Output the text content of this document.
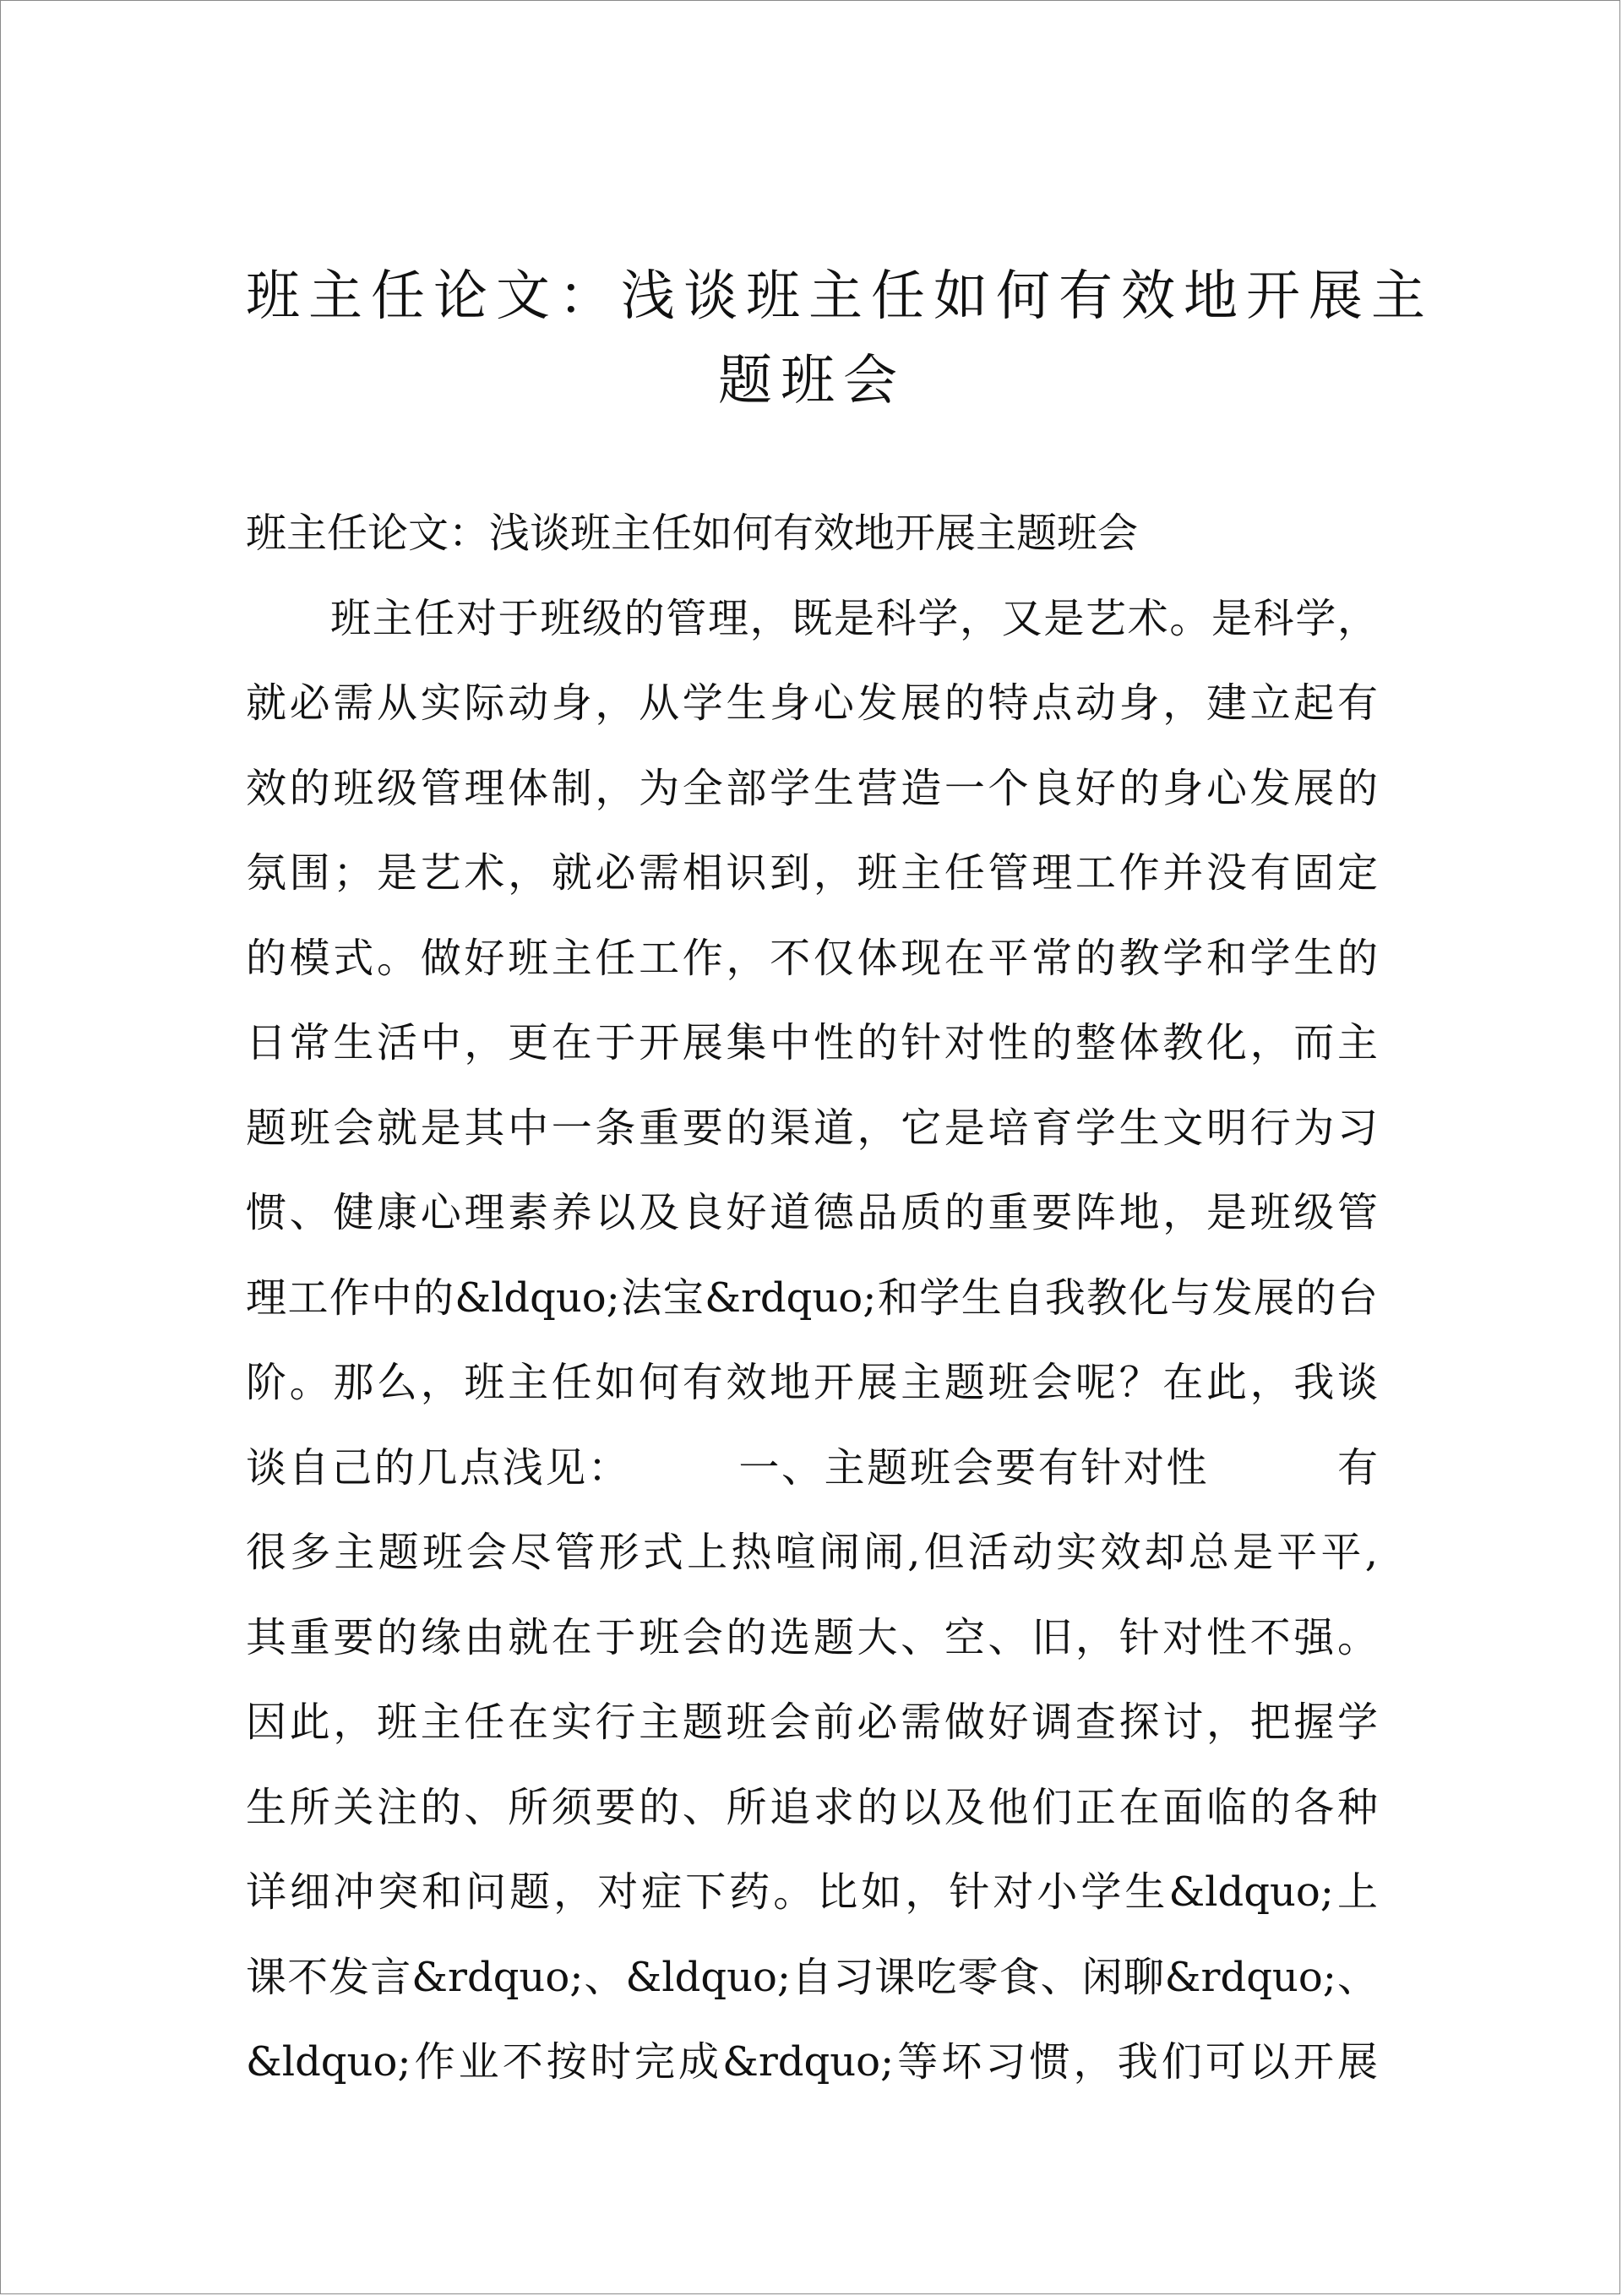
班主任论文：浅谈班主任如何有效地开展主
题班会
班主任论文：浅谈班主任如何有效地开展主题班会
班主任对于班级的管理，既是科学，又是艺术。是科学，
就必需从实际动身，从学生身心发展的特点动身，建立起有
效的班级管理体制，为全部学生营造一个良好的身心发展的
氛围；是艺术，就必需相识到，班主任管理工作并没有固定
的模式。做好班主任工作，不仅体现在平常的教学和学生的
日常生活中，更在于开展集中性的针对性的整体教化，而主
题班会就是其中一条重要的渠道，它是培育学生文明行为习
惯、健康心理素养以及良好道德品质的重要阵地，是班级管
理工作中的&ldquo;法宝&rdquo;和学生自我教化与发展的台
阶。那么，班主任如何有效地开展主题班会呢？在此，我谈
谈自己的几点浅见：　　　一、主题班会要有针对性　　　有
很多主题班会尽管形式上热喧闹闹,但活动实效却总是平平,
其重要的缘由就在于班会的选题大、空、旧，针对性不强。
因此，班主任在实行主题班会前必需做好调查探讨，把握学
生所关注的、所须要的、所追求的以及他们正在面临的各种
详细冲突和问题，对症下药。比如，针对小学生&ldquo;上
课不发言&rdquo;、&ldquo;自习课吃零食、闲聊&rdquo;、
&ldquo;作业不按时完成&rdquo;等坏习惯，我们可以开展
